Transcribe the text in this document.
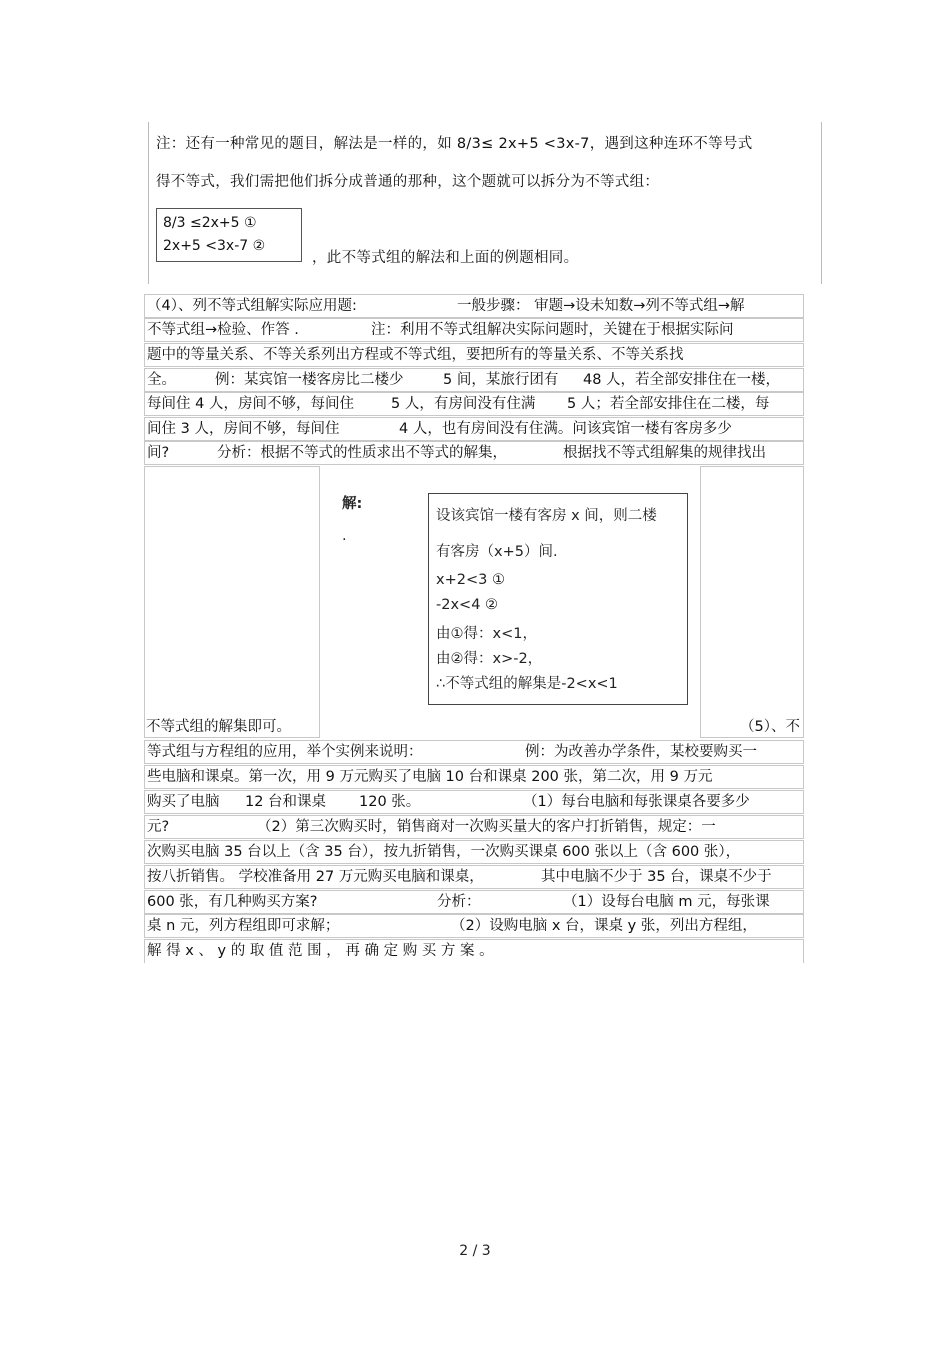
注：还有一种常见的题目，解法是一样的，如 8/3≤ 2x+5 <3x-7，遇到这种连环不等号式
得不等式，我们需把他们拆分成普通的那种，这个题就可以拆分为不等式组：
8/3 ≤2x+5 ①
2x+5 <3x-7 ②
，此不等式组的解法和上面的例题相同。
（4）、列不等式组解实际应用题:	一般步骤： 审题→设未知数→列不等式组→解
不等式组→检验、作答 .	注：利用不等式组解决实际问题时，关键在于根据实际问
题中的等量关系、不等关系列出方程或不等式组，要把所有的等量关系、不等关系找
全。	例：某宾馆一楼客房比二楼少	5 间，某旅行团有 48 人，若全部安排住在一楼，
每间住 4 人，房间不够，每间住	5 人，有房间没有住满 5 人；若全部安排住在二楼，每
间住 3 人，房间不够，每间住	4 人，也有房间没有住满。问该宾馆一楼有客房多少
间?	分析：根据不等式的性质求出不等式的解集，	根据找不等式组解集的规律找出
解:
.
设该宾馆一楼有客房 x 间，则二楼
有客房（x+5）间.
x+2<3 ①
-2x<4 ②
由①得：x<1，
由②得：x>-2，
∴不等式组的解集是-2<x<1
不等式组的解集即可。	（5）、不
等式组与方程组的应用，举个实例来说明：	例：为改善办学条件，某校要购买一
些电脑和课桌。第一次，用 9 万元购买了电脑 10 台和课桌 200 张，第二次，用 9 万元
购买了电脑 12 台和课桌 120 张。	（1）每台电脑和每张课桌各要多少
元?	（2）第三次购买时，销售商对一次购买量大的客户打折销售，规定：一
次购买电脑 35 台以上（含 35 台），按九折销售，一次购买课桌 600 张以上（含 600 张），
按八折销售。 学校准备用 27 万元购买电脑和课桌，	其中电脑不少于 35 台，课桌不少于
600 张，有几种购买方案?	分析：	（1）设每台电脑 m 元，每张课
桌 n 元，列方程组即可求解；	（2）设购电脑 x 台，课桌 y 张，列出方程组，
解 得 x 、 y 的 取 值 范 围 ， 再 确 定 购 买 方 案 。
2 / 3
